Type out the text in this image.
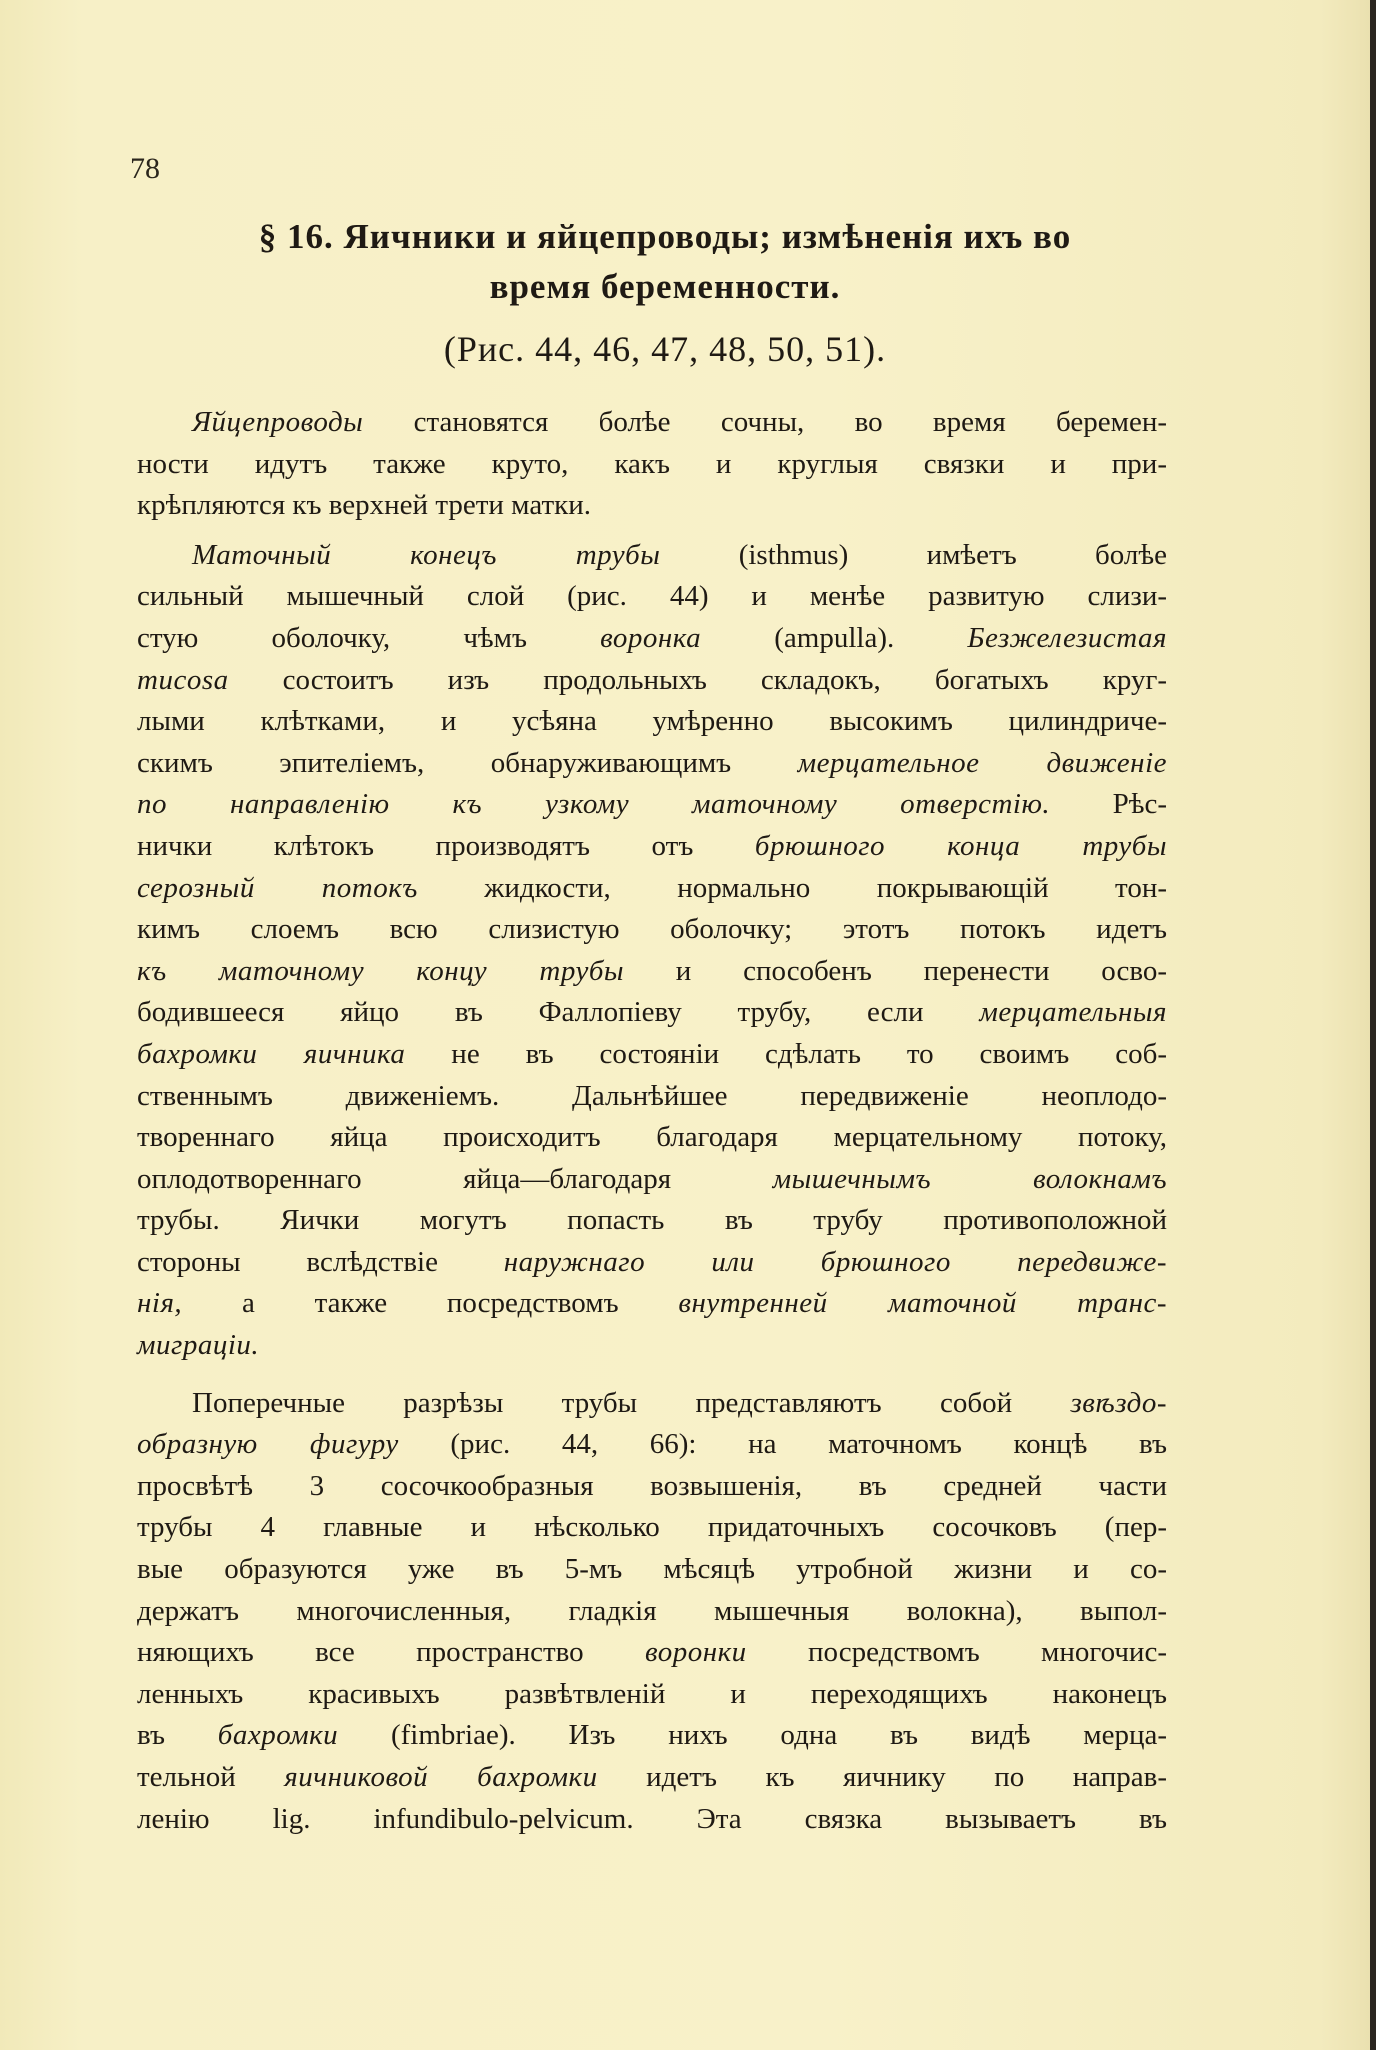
78
§ 16. Яичники и яйцепроводы; измѣненія ихъ во
время беременности.
(Рис. 44, 46, 47, 48, 50, 51).
Яйцепроводы становятся болѣе сочны, во время беремен-
ности идутъ также круто, какъ и круглыя связки и при-
крѣпляются къ верхней трети матки.
Маточный конецъ трубы (isthmus) имѣетъ болѣе
сильный мышечный слой (рис. 44) и менѣе развитую слизи-
стую оболочку, чѣмъ воронка (ampulla). Безжелезистая
mucosa состоитъ изъ продольныхъ складокъ, богатыхъ круг-
лыми клѣтками, и усѣяна умѣренно высокимъ цилиндриче-
скимъ эпителіемъ, обнаруживающимъ мерцательное движеніе
по направленію къ узкому маточному отверстію. Рѣс-
нички клѣтокъ производятъ отъ брюшного конца трубы
серозный потокъ жидкости, нормально покрывающій тон-
кимъ слоемъ всю слизистую оболочку; этотъ потокъ идетъ
къ маточному концу трубы и способенъ перенести осво-
бодившееся яйцо въ Фаллопіеву трубу, если мерцательныя
бахромки яичника не въ состояніи сдѣлать то своимъ соб-
ственнымъ движеніемъ. Дальнѣйшее передвиженіе неоплодо-
твореннаго яйца происходитъ благодаря мерцательному потоку,
оплодотвореннаго яйца—благодаря мышечнымъ волокнамъ
трубы. Яички могутъ попасть въ трубу противоположной
стороны вслѣдствіе наружнаго или брюшного передвиже-
нія, а также посредствомъ внутренней маточной транс-
миграціи.
Поперечные разрѣзы трубы представляютъ собой звѣздо-
образную фигуру (рис. 44, 66): на маточномъ концѣ въ
просвѣтѣ 3 сосочкообразныя возвышенія, въ средней части
трубы 4 главные и нѣсколько придаточныхъ сосочковъ (пер-
вые образуются уже въ 5-мъ мѣсяцѣ утробной жизни и со-
держатъ многочисленныя, гладкія мышечныя волокна), выпол-
няющихъ все пространство воронки посредствомъ многочис-
ленныхъ красивыхъ развѣтвленій и переходящихъ наконецъ
въ бахромки (fimbriae). Изъ нихъ одна въ видѣ мерца-
тельной яичниковой бахромки идетъ къ яичнику по направ-
ленію lig. infundibulo-pelvicum. Эта связка вызываетъ въ
